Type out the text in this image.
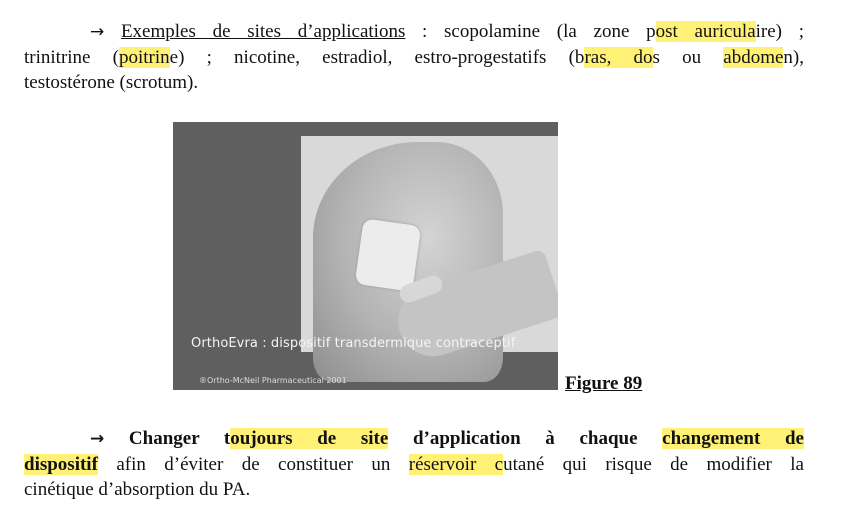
→ Exemples de sites d’applications : scopolamine (la zone post auriculaire) ;
trinitrine (poitrine) ; nicotine, estradiol, estro-progestatifs (bras, dos ou abdomen),
testostérone (scrotum).
OrthoEvra : dispositif transdermique contraceptif
®Ortho-McNeil Pharmaceutical 2001	Figure 89
→ Changer toujours de site d’application à chaque changement de
dispositif afin d’éviter de constituer un réservoir cutané qui risque de modifier la
cinétique d’absorption du PA.
